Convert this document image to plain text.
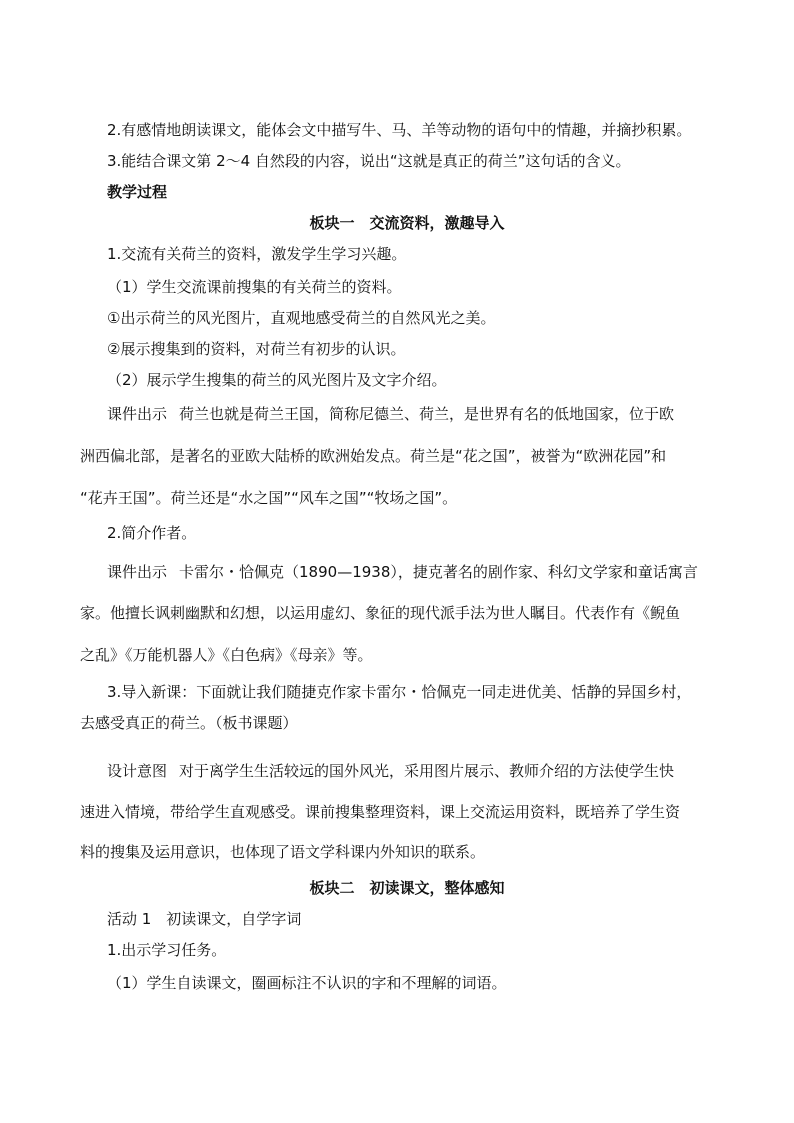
2.有感情地朗读课文，能体会文中描写牛、马、羊等动物的语句中的情趣，并摘抄积累。
3.能结合课文第 2～4 自然段的内容，说出“这就是真正的荷兰”这句话的含义。
教学过程
板块一　交流资料，激趣导入
1.交流有关荷兰的资料，激发学生学习兴趣。
（1）学生交流课前搜集的有关荷兰的资料。
①出示荷兰的风光图片，直观地感受荷兰的自然风光之美。
②展示搜集到的资料，对荷兰有初步的认识。
（2）展示学生搜集的荷兰的风光图片及文字介绍。
课件出示 荷兰也就是荷兰王国，简称尼德兰、荷兰，是世界有名的低地国家，位于欧
洲西偏北部，是著名的亚欧大陆桥的欧洲始发点。荷兰是“花之国”，被誉为“欧洲花园”和
“花卉王国”。荷兰还是“水之国”“风车之国”“牧场之国”。
2.简介作者。
课件出示 卡雷尔・恰佩克（1890—1938），捷克著名的剧作家、科幻文学家和童话寓言
家。他擅长讽刺幽默和幻想，以运用虚幻、象征的现代派手法为世人瞩目。代表作有《鲵鱼
之乱》《万能机器人》《白色病》《母亲》等。
3.导入新课：下面就让我们随捷克作家卡雷尔・恰佩克一同走进优美、恬静的异国乡村，
去感受真正的荷兰。（板书课题）
设计意图 对于离学生生活较远的国外风光，采用图片展示、教师介绍的方法使学生快
速进入情境，带给学生直观感受。课前搜集整理资料，课上交流运用资料，既培养了学生资
料的搜集及运用意识，也体现了语文学科课内外知识的联系。
板块二　初读课文，整体感知
活动 1　初读课文，自学字词
1.出示学习任务。
（1）学生自读课文，圈画标注不认识的字和不理解的词语。
